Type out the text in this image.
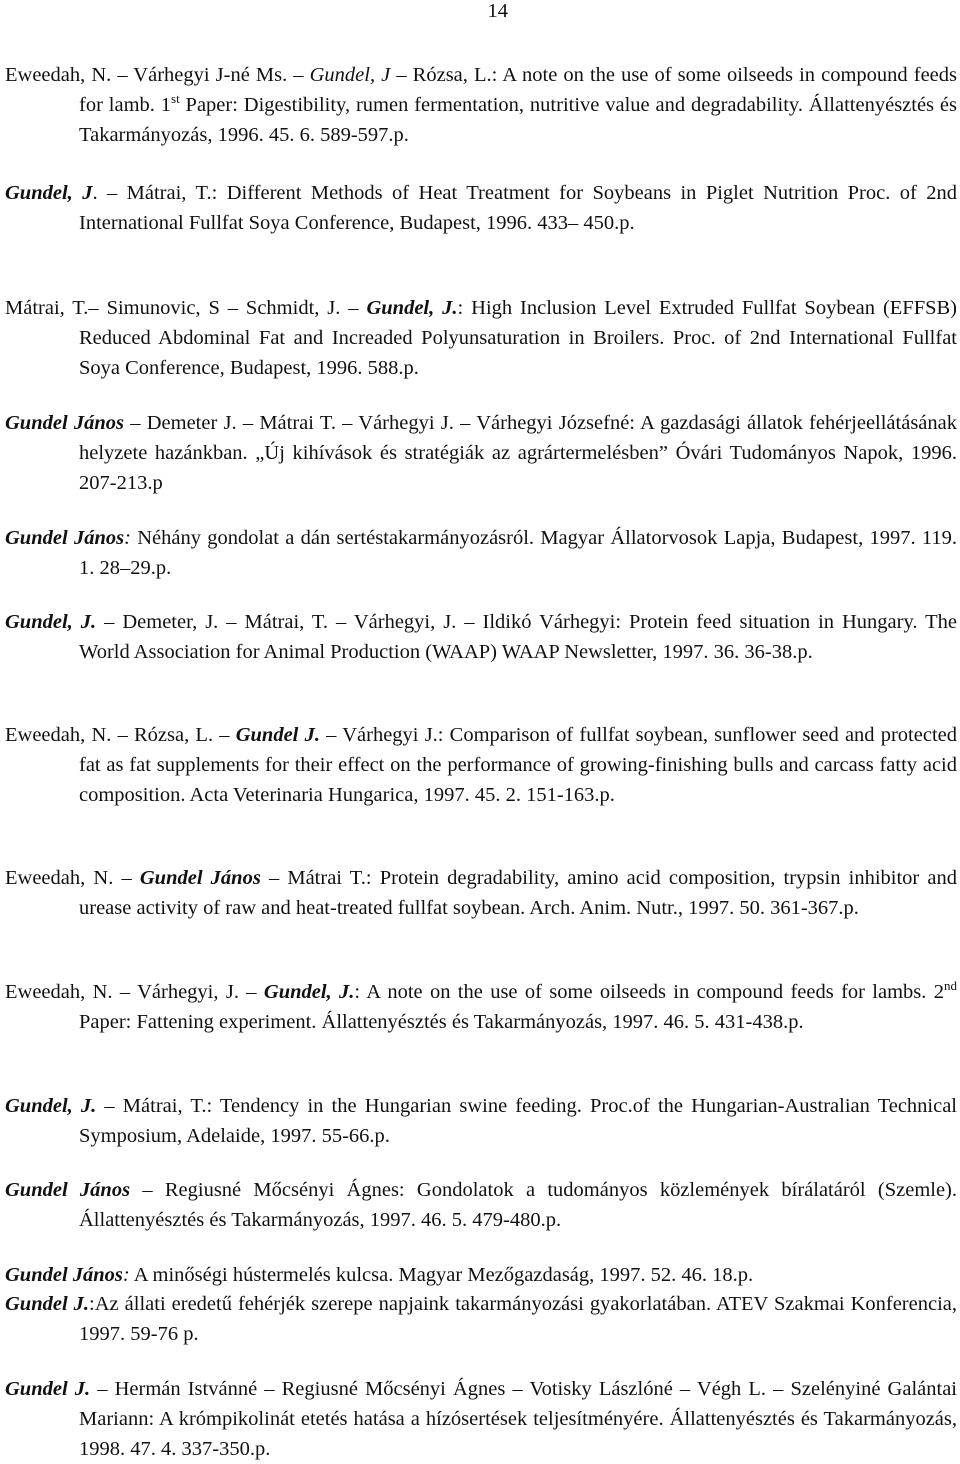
14
Eweedah, N. – Várhegyi J-né Ms. – Gundel, J – Rózsa, L.: A note on the use of some oilseeds in compound feeds for lamb. 1st Paper: Digestibility, rumen fermentation, nutritive value and degradability. Állattenyésztés és Takarmányozás, 1996. 45. 6. 589-597.p.
Gundel, J. – Mátrai, T.: Different Methods of Heat Treatment for Soybeans in Piglet Nutrition Proc. of 2nd International Fullfat Soya Conference, Budapest, 1996. 433– 450.p.
Mátrai, T.– Simunovic, S – Schmidt, J. – Gundel, J.: High Inclusion Level Extruded Fullfat Soybean (EFFSB) Reduced Abdominal Fat and Increaded Polyunsaturation in Broilers. Proc. of 2nd International Fullfat Soya Conference, Budapest, 1996. 588.p.
Gundel János – Demeter J. – Mátrai T. – Várhegyi J. – Várhegyi Józsefné: A gazdasági állatok fehérjeellátásának helyzete hazánkban. „Új kihívások és stratégiák az agrártermelésben” Óvári Tudományos Napok, 1996. 207-213.p
Gundel János: Néhány gondolat a dán sertéstakarmányozásról. Magyar Állatorvosok Lapja, Budapest, 1997. 119. 1. 28–29.p.
Gundel, J. – Demeter, J. – Mátrai, T. – Várhegyi, J. – Ildikó Várhegyi: Protein feed situation in Hungary. The World Association for Animal Production (WAAP) WAAP Newsletter, 1997. 36. 36-38.p.
Eweedah, N. – Rózsa, L. – Gundel J. – Várhegyi J.: Comparison of fullfat soybean, sunflower seed and protected fat as fat supplements for their effect on the performance of growing-finishing bulls and carcass fatty acid composition. Acta Veterinaria Hungarica, 1997. 45. 2. 151-163.p.
Eweedah, N. – Gundel János – Mátrai T.: Protein degradability, amino acid composition, trypsin inhibitor and urease activity of raw and heat-treated fullfat soybean. Arch. Anim. Nutr., 1997. 50. 361-367.p.
Eweedah, N. – Várhegyi, J. – Gundel, J.: A note on the use of some oilseeds in compound feeds for lambs. 2nd Paper: Fattening experiment. Állattenyésztés és Takarmányozás, 1997. 46. 5. 431-438.p.
Gundel, J. – Mátrai, T.: Tendency in the Hungarian swine feeding. Proc.of the Hungarian-Australian Technical Symposium, Adelaide, 1997. 55-66.p.
Gundel János – Regiusné Mőcsényi Ágnes: Gondolatok a tudományos közlemények bírálatáról (Szemle). Állattenyésztés és Takarmányozás, 1997. 46. 5. 479-480.p.
Gundel János: A minőségi hústermelés kulcsa. Magyar Mezőgazdaság, 1997. 52. 46. 18.p.
Gundel J.:Az állati eredetű fehérjék szerepe napjaink takarmányozási gyakorlatában. ATEV Szakmai Konferencia, 1997. 59-76 p.
Gundel J. – Hermán Istvánné – Regiusné Mőcsényi Ágnes – Votisky Lászlóné – Végh L. – Szelényiné Galántai Mariann: A krómpikolinát etetés hatása a hízósertések teljesítményére. Állattenyésztés és Takarmányozás, 1998. 47. 4. 337-350.p.
